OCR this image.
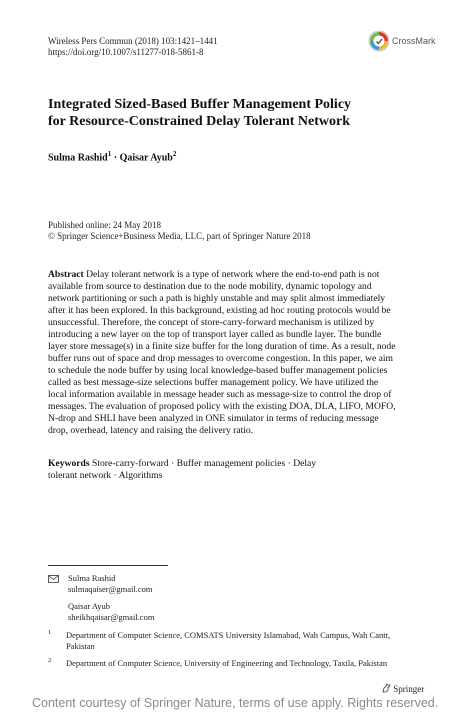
Wireless Pers Commun (2018) 103:1421–1441
https://doi.org/10.1007/s11277-018-5861-8
CrossMark
Integrated Sized-Based Buffer Management Policy
for Resource-Constrained Delay Tolerant Network
Sulma Rashid$^1$ · Qaisar Ayub$^2$
Published online: 24 May 2018
© Springer Science+Business Media, LLC, part of Springer Nature 2018
Abstract Delay tolerant network is a type of network where the end-to-end path is not
available from source to destination due to the node mobility, dynamic topology and
network partitioning or such a path is highly unstable and may split almost immediately
after it has been explored. In this background, existing ad hoc routing protocols would be
unsuccessful. Therefore, the concept of store-carry-forward mechanism is utilized by
introducing a new layer on the top of transport layer called as bundle layer. The bundle
layer store message(s) in a finite size buffer for the long duration of time. As a result, node
buffer runs out of space and drop messages to overcome congestion. In this paper, we aim
to schedule the node buffer by using local knowledge-based buffer management policies
called as best message-size selections buffer management policy. We have utilized the
local information available in message header such as message-size to control the drop of
messages. The evaluation of proposed policy with the existing DOA, DLA, LIFO, MOFO,
N-drop and SHLI have been analyzed in ONE simulator in terms of reducing message
drop, overhead, latency and raising the delivery ratio.
Keywords Store-carry-forward · Buffer management policies · Delay
tolerant network · Algorithms
Sulma Rashid
sulmaqaiser@gmail.com
Qaisar Ayub
sheikhqaisar@gmail.com
1 Department of Computer Science, COMSATS University Islamabad, Wah Campus, Wah Cantt,
Pakistan
2 Department of Computer Science, University of Engineering and Technology, Taxila, Pakistan
Springer
Content courtesy of Springer Nature, terms of use apply. Rights reserved.
